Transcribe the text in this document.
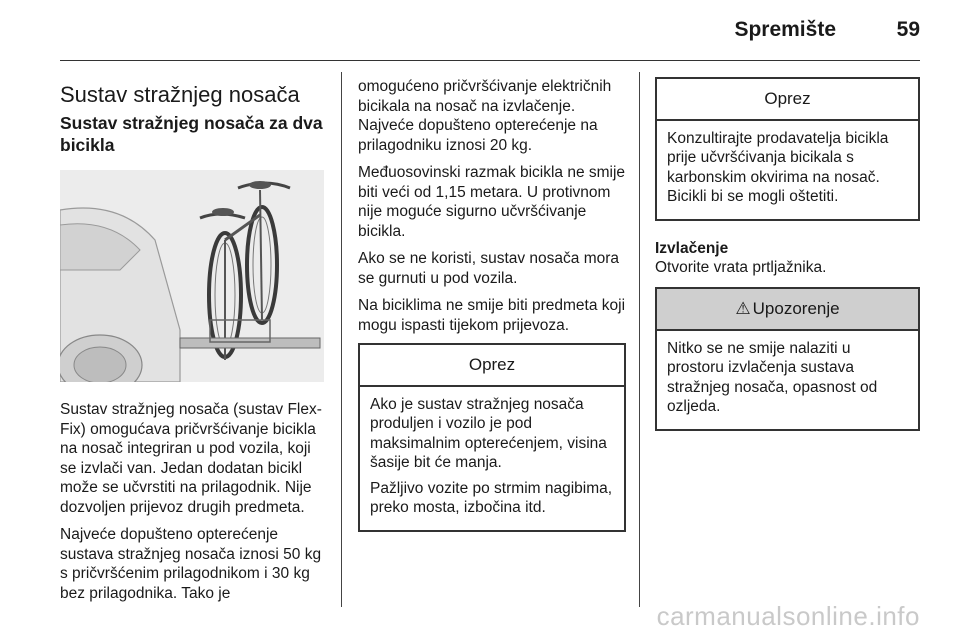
Spremište	59
Sustav stražnjeg nosača
Sustav stražnjeg nosača za dva bicikla

Sustav stražnjeg nosača (sustav Flex-Fix) omogućava pričvršćivanje bicikla na nosač integriran u pod vozila, koji se izvlači van. Jedan dodatan bicikl može se učvrstiti na prilagodnik. Nije dozvoljen prijevoz drugih predmeta.

Najveće dopušteno opterećenje sustava stražnjeg nosača iznosi 50 kg s pričvršćenim prilagodnikom i 30 kg bez prilagodnika. Tako je

omogućeno pričvršćivanje električnih bicikala na nosač na izvlačenje. Najveće dopušteno opterećenje na prilagodniku iznosi 20 kg.

Međuosovinski razmak bicikla ne smije biti veći od 1,15 metara. U protivnom nije moguće sigurno učvršćivanje bicikla.

Ako se ne koristi, sustav nosača mora se gurnuti u pod vozila.

Na biciklima ne smije biti predmeta koji mogu ispasti tijekom prijevoza.

Oprez

Ako je sustav stražnjeg nosača produljen i vozilo je pod maksimalnim opterećenjem, visina šasije bit će manja.

Pažljivo vozite po strmim nagibima, preko mosta, izbočina itd.

Oprez

Konzultirajte prodavatelja bicikla prije učvršćivanja bicikala s karbonskim okvirima na nosač. Bicikli bi se mogli oštetiti.

Izvlačenje

Otvorite vrata prtljažnika.

⚠ Upozorenje

Nitko se ne smije nalaziti u prostoru izvlačenja sustava stražnjeg nosača, opasnost od ozljeda.

carmanualsonline.info
